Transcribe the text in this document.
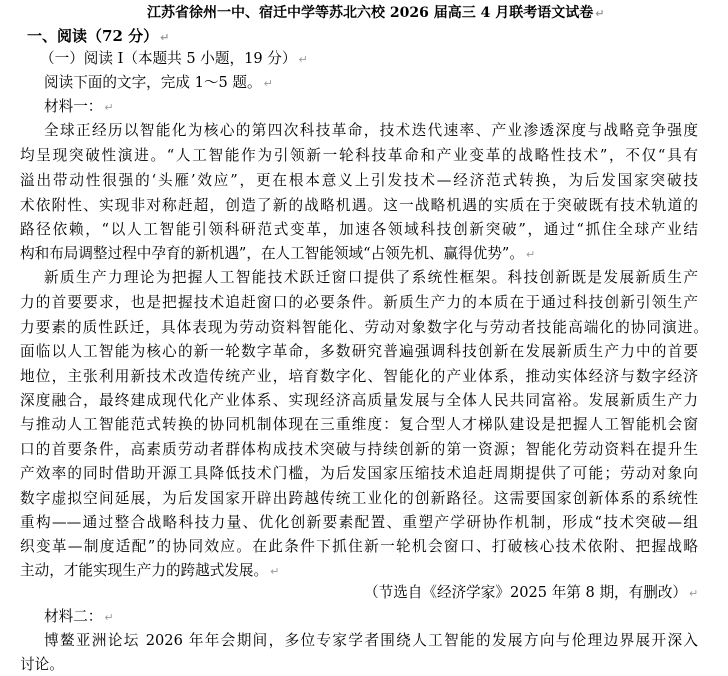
江苏省徐州一中、宿迁中学等苏北六校 2026 届高三 4 月联考语文试卷 ↵
一、阅读（72 分） ↵
（一）阅读 I（本题共 5 小题，19 分） ↵
阅读下面的文字，完成 1～5 题。 ↵
材料一： ↵
全球正经历以智能化为核心的第四次科技革命，技术迭代速率、产业渗透深度与战略竞争强度
均呈现突破性演进。“人工智能作为引领新一轮科技革命和产业变革的战略性技术”，不仅“具有
溢出带动性很强的‘头雁’效应”，更在根本意义上引发技术—经济范式转换，为后发国家突破技
术依附性、实现非对称赶超，创造了新的战略机遇。这一战略机遇的实质在于突破既有技术轨道的
路径依赖，“以人工智能引领科研范式变革，加速各领域科技创新突破”，通过“抓住全球产业结
构和布局调整过程中孕育的新机遇”，在人工智能领域“占领先机、赢得优势”。 ↵
新质生产力理论为把握人工智能技术跃迁窗口提供了系统性框架。科技创新既是发展新质生产
力的首要要求，也是把握技术追赶窗口的必要条件。新质生产力的本质在于通过科技创新引领生产
力要素的质性跃迁，具体表现为劳动资料智能化、劳动对象数字化与劳动者技能高端化的协同演进。
面临以人工智能为核心的新一轮数字革命，多数研究普遍强调科技创新在发展新质生产力中的首要
地位，主张利用新技术改造传统产业，培育数字化、智能化的产业体系，推动实体经济与数字经济
深度融合，最终建成现代化产业体系、实现经济高质量发展与全体人民共同富裕。发展新质生产力
与推动人工智能范式转换的协同机制体现在三重维度：复合型人才梯队建设是把握人工智能机会窗
口的首要条件，高素质劳动者群体构成技术突破与持续创新的第一资源；智能化劳动资料在提升生
产效率的同时借助开源工具降低技术门槛，为后发国家压缩技术追赶周期提供了可能；劳动对象向
数字虚拟空间延展，为后发国家开辟出跨越传统工业化的创新路径。这需要国家创新体系的系统性
重构——通过整合战略科技力量、优化创新要素配置、重塑产学研协作机制，形成“技术突破—组
织变革—制度适配”的协同效应。在此条件下抓住新一轮机会窗口、打破核心技术依附、把握战略
主动，才能实现生产力的跨越式发展。 ↵
（节选自《经济学家》2025 年第 8 期，有删改） ↵
材料二： ↵
博鳌亚洲论坛 2026 年年会期间，多位专家学者围绕人工智能的发展方向与伦理边界展开深入
讨论。
